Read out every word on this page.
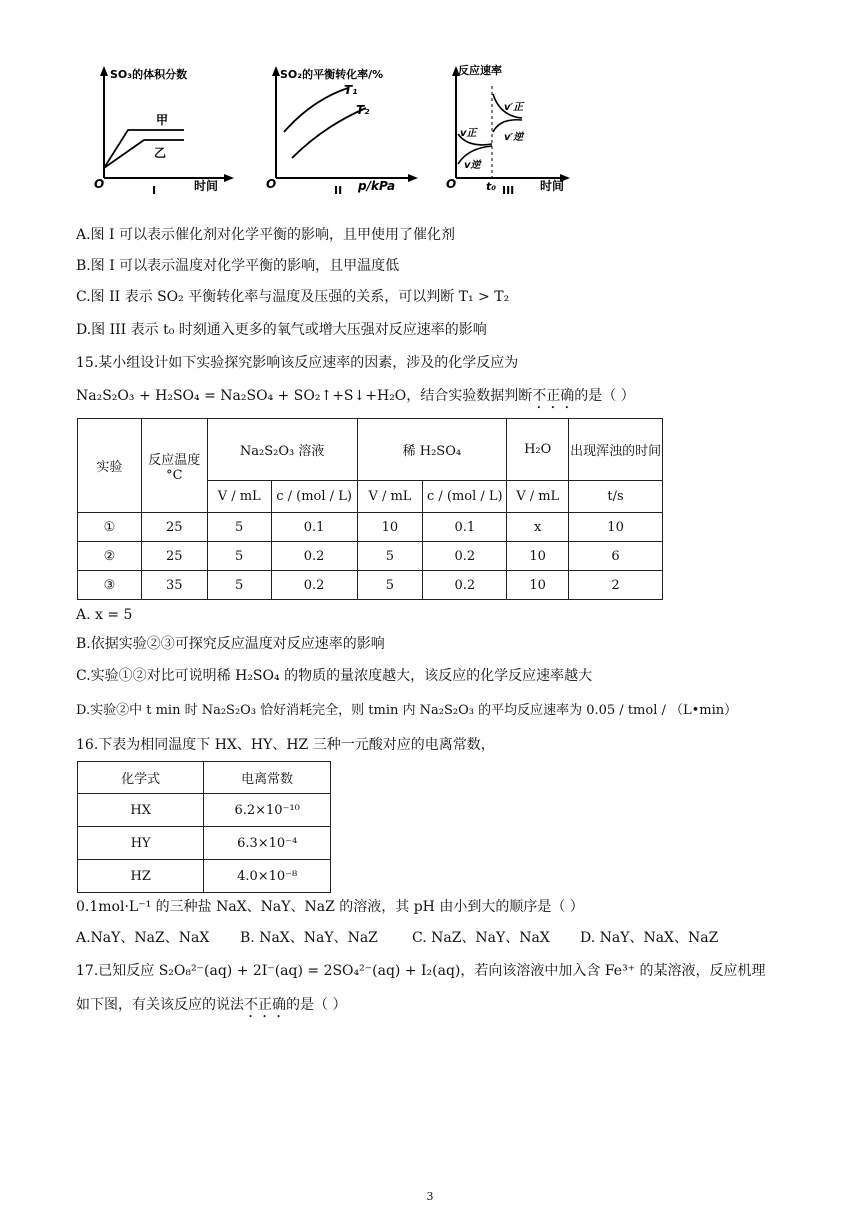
SO₃的体积分数
甲
乙
O	时间
I
SO₂的平衡转化率/%
T₁
T₂
O	p/kPa
II
反应速率
v正
v逆
v′正
v′逆
O	t₀	时间
III
A.图 I 可以表示催化剂对化学平衡的影响，且甲使用了催化剂
B.图 I 可以表示温度对化学平衡的影响，且甲温度低
C.图 II 表示 SO₂ 平衡转化率与温度及压强的关系，可以判断 T₁ > T₂
D.图 III 表示 t₀ 时刻通入更多的氧气或增大压强对反应速率的影响
15.某小组设计如下实验探究影响该反应速率的因素，涉及的化学反应为
Na₂S₂O₃ + H₂SO₄ = Na₂SO₄ + SO₂↑+S↓+H₂O，结合实验数据判断不正确的是（ ）
实验	反应温度 °C	Na₂S₂O₃ 溶液		稀 H₂SO₄		H₂O	出现浑浊的时间
		V / mL	c / (mol / L)	V / mL	c / (mol / L)	V / mL	t/s
①	25	5	0.1	10	0.1	x	10
②	25	5	0.2	5	0.2	10	6
③	35	5	0.2	5	0.2	10	2
A. x = 5
B.依据实验②③可探究反应温度对反应速率的影响
C.实验①②对比可说明稀 H₂SO₄ 的物质的量浓度越大，该反应的化学反应速率越大
D.实验②中 t min 时 Na₂S₂O₃ 恰好消耗完全，则 tmin 内 Na₂S₂O₃ 的平均反应速率为 0.05 / tmol / （L•min）
16.下表为相同温度下 HX、HY、HZ 三种一元酸对应的电离常数，
化学式	电离常数
HX	6.2×10⁻¹⁰
HY	6.3×10⁻⁴
HZ	4.0×10⁻⁸
0.1mol·L⁻¹ 的三种盐 NaX、NaY、NaZ 的溶液，其 pH 由小到大的顺序是（ ）
A.NaY、NaZ、NaX B. NaX、NaY、NaZ C. NaZ、NaY、NaX D. NaY、NaX、NaZ
17.已知反应 S₂O₈²⁻(aq) + 2I⁻(aq) = 2SO₄²⁻(aq) + I₂(aq)，若向该溶液中加入含 Fe³⁺ 的某溶液，反应机理
如下图，有关该反应的说法不正确的是（ ）
3
